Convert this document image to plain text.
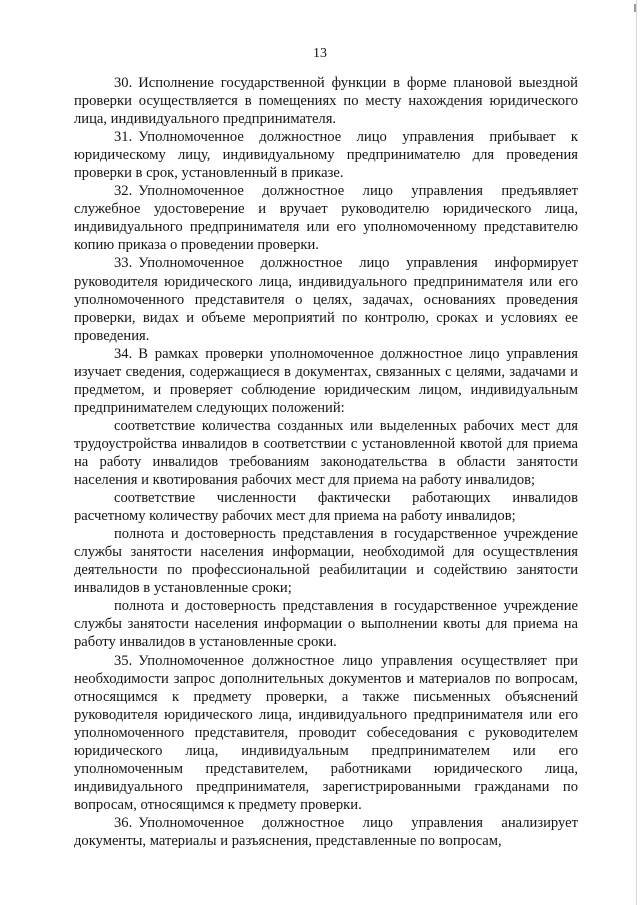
13

30. Исполнение государственной функции в форме плановой выездной проверки осуществляется в помещениях по месту нахождения юридического лица, индивидуального предпринимателя.

31. Уполномоченное должностное лицо управления прибывает к юридическому лицу, индивидуальному предпринимателю для проведения проверки в срок, установленный в приказе.

32. Уполномоченное должностное лицо управления предъявляет служебное удостоверение и вручает руководителю юридического лица, индивидуального предпринимателя или его уполномоченному представителю копию приказа о проведении проверки.

33. Уполномоченное должностное лицо управления информирует руководителя юридического лица, индивидуального предпринимателя или его уполномоченного представителя о целях, задачах, основаниях проведения проверки, видах и объеме мероприятий по контролю, сроках и условиях ее проведения.

34. В рамках проверки уполномоченное должностное лицо управления изучает сведения, содержащиеся в документах, связанных с целями, задачами и предметом, и проверяет соблюдение юридическим лицом, индивидуальным предпринимателем следующих положений:

соответствие количества созданных или выделенных рабочих мест для трудоустройства инвалидов в соответствии с установленной квотой для приема на работу инвалидов требованиям законодательства в области занятости населения и квотирования рабочих мест для приема на работу инвалидов;

соответствие численности фактически работающих инвалидов расчетному количеству рабочих мест для приема на работу инвалидов;

полнота и достоверность представления в государственное учреждение службы занятости населения информации, необходимой для осуществления деятельности по профессиональной реабилитации и содействию занятости инвалидов в установленные сроки;

полнота и достоверность представления в государственное учреждение службы занятости населения информации о выполнении квоты для приема на работу инвалидов в установленные сроки.

35. Уполномоченное должностное лицо управления осуществляет при необходимости запрос дополнительных документов и материалов по вопросам, относящимся к предмету проверки, а также письменных объяснений руководителя юридического лица, индивидуального предпринимателя или его уполномоченного представителя, проводит собеседования с руководителем юридического лица, индивидуальным предпринимателем или его уполномоченным представителем, работниками юридического лица, индивидуального предпринимателя, зарегистрированными гражданами по вопросам, относящимся к предмету проверки.

36. Уполномоченное должностное лицо управления анализирует документы, материалы и разъяснения, представленные по вопросам,
